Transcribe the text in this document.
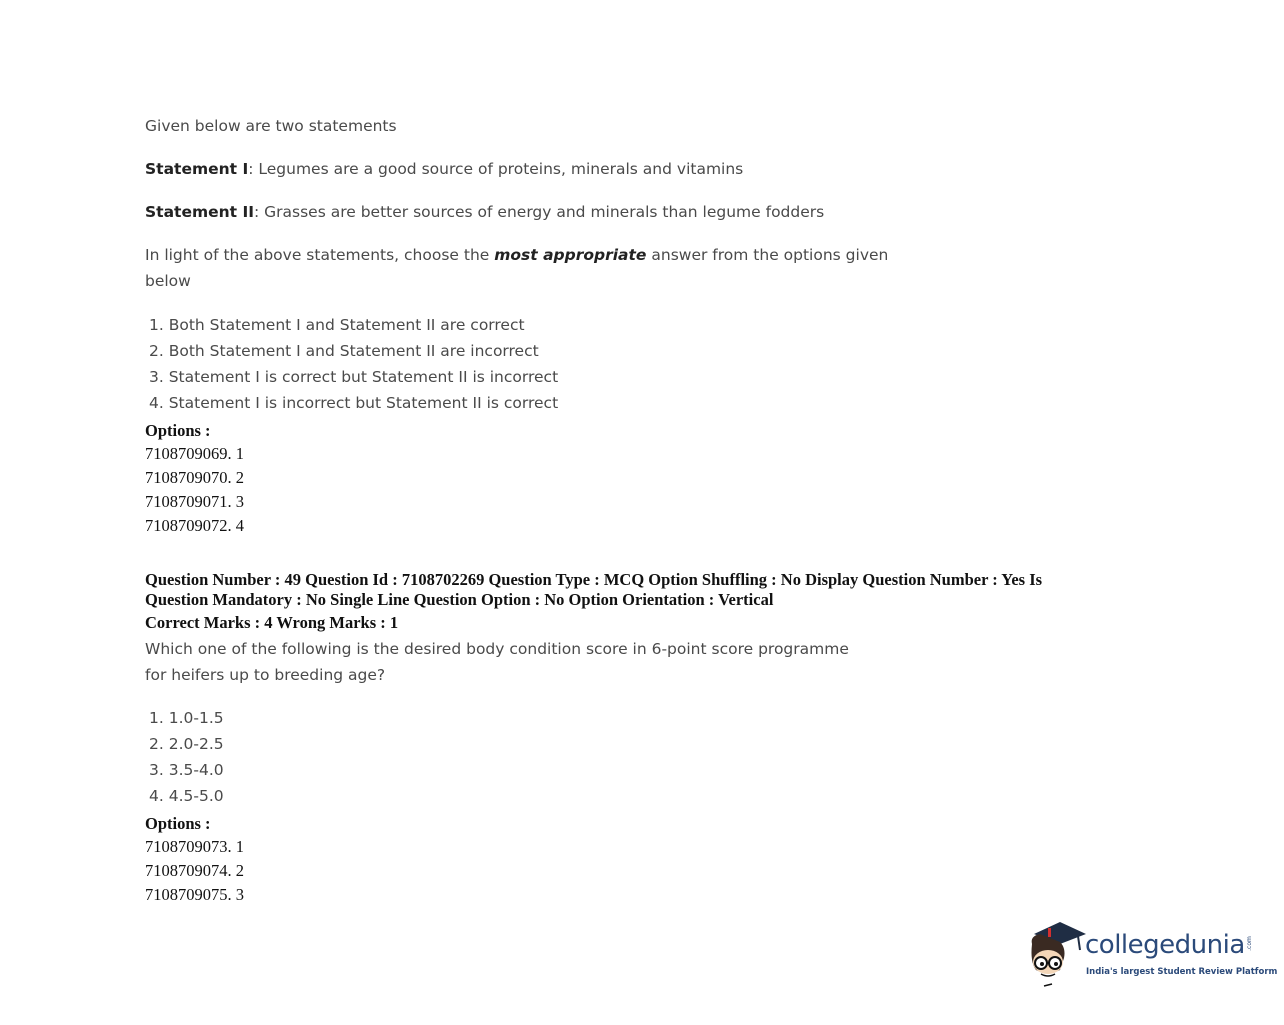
Given below are two statements
Statement I: Legumes are a good source of proteins, minerals and vitamins
Statement II: Grasses are better sources of energy and minerals than legume fodders
In light of the above statements, choose the most appropriate answer from the options given
below
1. Both Statement I and Statement II are correct
2. Both Statement I and Statement II are incorrect
3. Statement I is correct but Statement II is incorrect
4. Statement I is incorrect but Statement II is correct
Options :
7108709069. 1
7108709070. 2
7108709071. 3
7108709072. 4
Question Number : 49 Question Id : 7108702269 Question Type : MCQ Option Shuffling : No Display Question Number : Yes Is
Question Mandatory : No Single Line Question Option : No Option Orientation : Vertical
Correct Marks : 4 Wrong Marks : 1
Which one of the following is the desired body condition score in 6-point score programme
for heifers up to breeding age?
1. 1.0-1.5
2. 2.0-2.5
3. 3.5-4.0
4. 4.5-5.0
Options :
7108709073. 1
7108709074. 2
7108709075. 3
collegedunia .com
India's largest Student Review Platform
